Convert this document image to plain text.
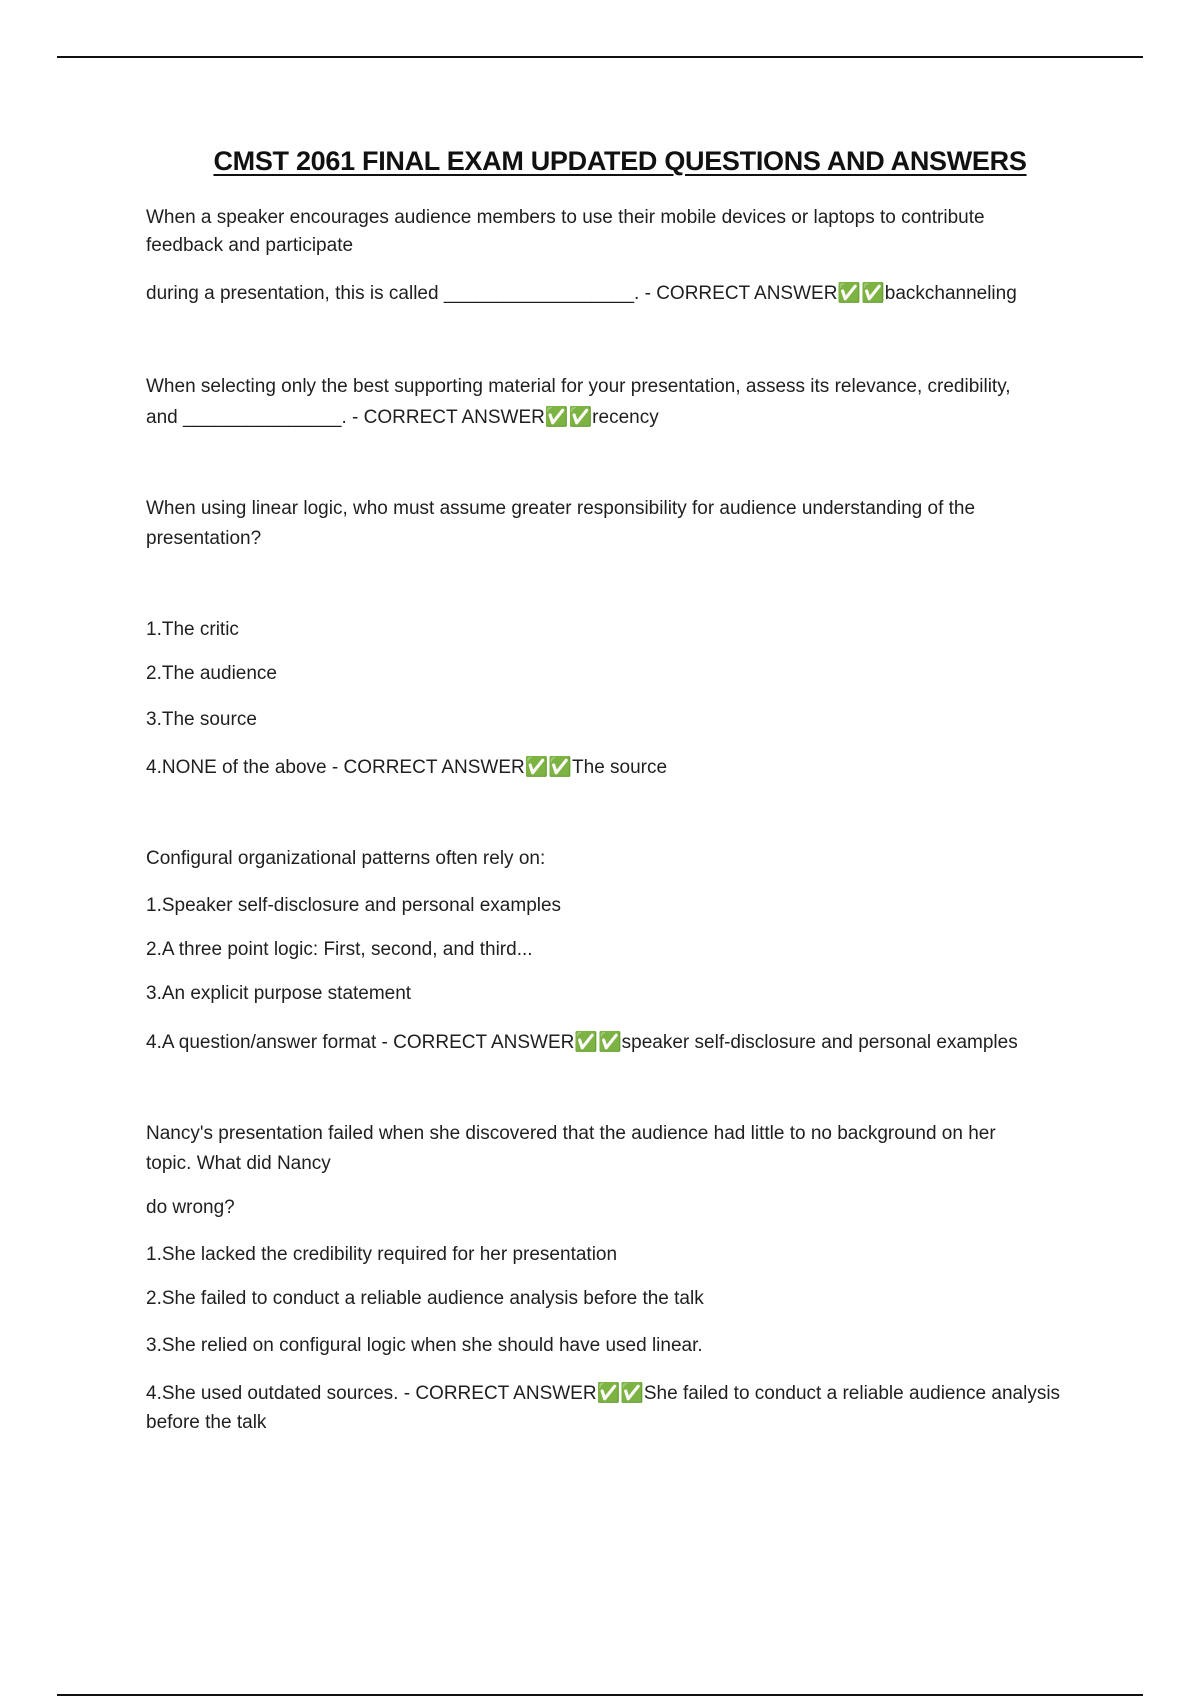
CMST 2061 FINAL EXAM UPDATED QUESTIONS AND ANSWERS
When a speaker encourages audience members to use their mobile devices or laptops to contribute
feedback and participate
during a presentation, this is called __________________. - CORRECT ANSWER✅✅backchanneling
When selecting only the best supporting material for your presentation, assess its relevance, credibility,
and _______________. - CORRECT ANSWER✅✅recency
When using linear logic, who must assume greater responsibility for audience understanding of the
presentation?
1.The critic
2.The audience
3.The source
4.NONE of the above - CORRECT ANSWER✅✅The source
Configural organizational patterns often rely on:
1.Speaker self-disclosure and personal examples
2.A three point logic: First, second, and third...
3.An explicit purpose statement
4.A question/answer format - CORRECT ANSWER✅✅speaker self-disclosure and personal examples
Nancy's presentation failed when she discovered that the audience had little to no background on her
topic. What did Nancy
do wrong?
1.She lacked the credibility required for her presentation
2.She failed to conduct a reliable audience analysis before the talk
3.She relied on configural logic when she should have used linear.
4.She used outdated sources. - CORRECT ANSWER✅✅She failed to conduct a reliable audience analysis
before the talk
